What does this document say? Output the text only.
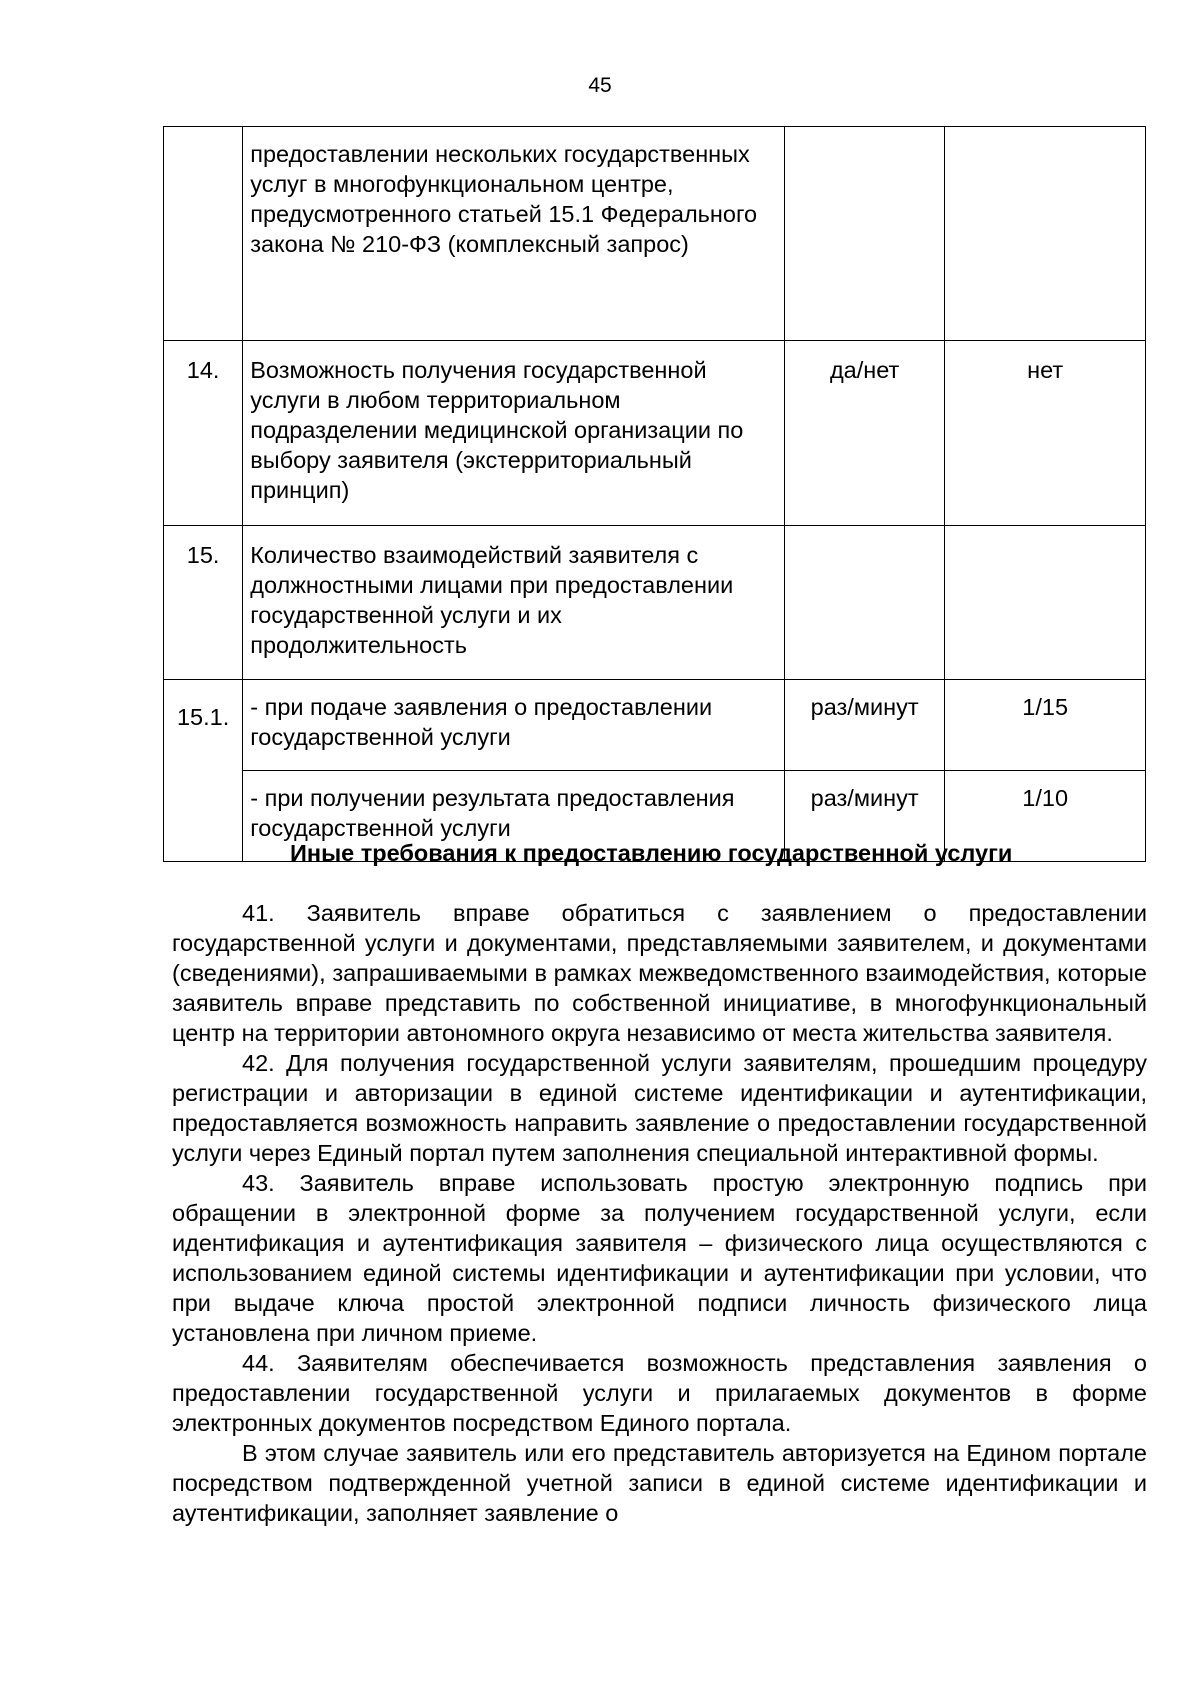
45
	предоставлении нескольких государственных услуг в многофункциональном центре, предусмотренного статьей 15.1 Федерального закона № 210-ФЗ (комплексный запрос)		
14.	Возможность получения государственной услуги в любом территориальном подразделении медицинской организации по выбору заявителя (экстерриториальный принцип)	да/нет	нет
15.	Количество взаимодействий заявителя с должностными лицами при предоставлении государственной услуги и их продолжительность		
15.1.	- при подаче заявления о предоставлении государственной услуги	раз/минут	1/15
	- при получении результата предоставления государственной услуги	раз/минут	1/10
Иные требования к предоставлению государственной услуги

41. Заявитель вправе обратиться с заявлением о предоставлении государственной услуги и документами, представляемыми заявителем, и документами (сведениями), запрашиваемыми в рамках межведомственного взаимодействия, которые заявитель вправе представить по собственной инициативе, в многофункциональный центр на территории автономного округа независимо от места жительства заявителя.

42. Для получения государственной услуги заявителям, прошедшим процедуру регистрации и авторизации в единой системе идентификации и аутентификации, предоставляется возможность направить заявление о предоставлении государственной услуги через Единый портал путем заполнения специальной интерактивной формы.

43. Заявитель вправе использовать простую электронную подпись при обращении в электронной форме за получением государственной услуги, если идентификация и аутентификация заявителя – физического лица осуществляются с использованием единой системы идентификации и аутентификации при условии, что при выдаче ключа простой электронной подписи личность физического лица установлена при личном приеме.

44. Заявителям обеспечивается возможность представления заявления о предоставлении государственной услуги и прилагаемых документов в форме электронных документов посредством Единого портала.

В этом случае заявитель или его представитель авторизуется на Едином портале посредством подтвержденной учетной записи в единой системе идентификации и аутентификации, заполняет заявление о
